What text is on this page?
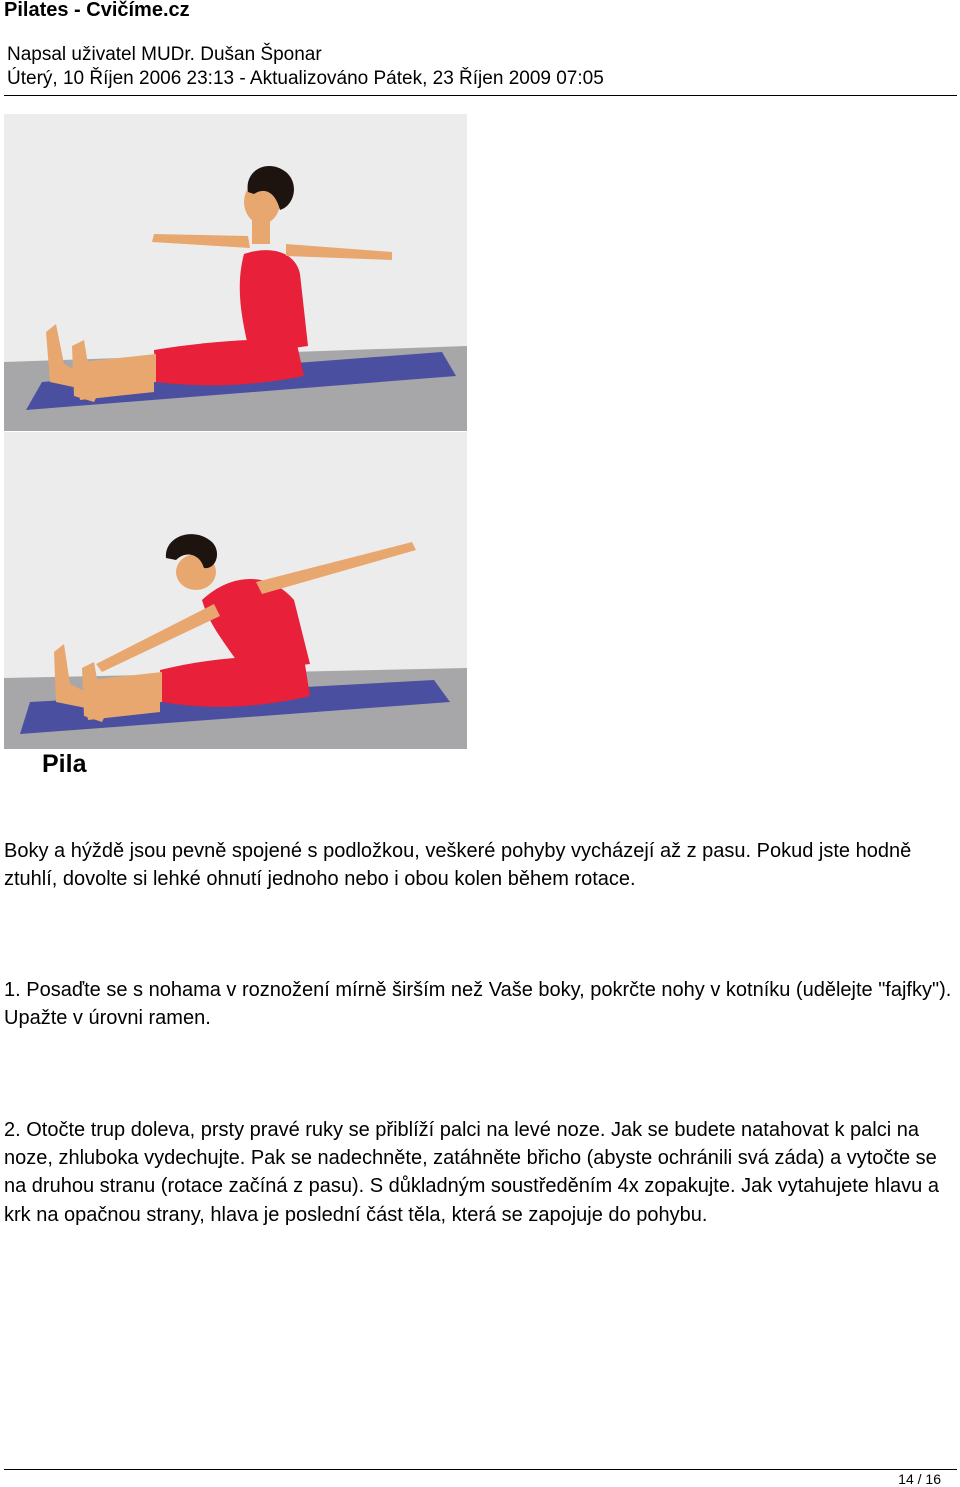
Pilates - Cvičíme.cz
Napsal uživatel MUDr. Dušan Šponar
Úterý, 10 Říjen 2006 23:13 - Aktualizováno Pátek, 23 Říjen 2009 07:05
Pila

Boky a hýždě jsou pevně spojené s podložkou, veškeré pohyby vycházejí až z pasu. Pokud jste hodně ztuhlí, dovolte si lehké ohnutí jednoho nebo i obou kolen během rotace.

1. Posaďte se s nohama v roznožení mírně širším než Vaše boky, pokrčte nohy v kotníku (udělejte "fajfky"). Upažte v úrovni ramen.

2. Otočte trup doleva, prsty pravé ruky se přiblíží palci na levé noze. Jak se budete natahovat k palci na noze, zhluboka vydechujte. Pak se nadechněte, zatáhněte břicho (abyste ochránili svá záda) a vytočte se na druhou stranu (rotace začíná z pasu). S důkladným soustředěním 4x zopakujte. Jak vytahujete hlavu a krk na opačnou strany, hlava je poslední část těla, která se zapojuje do pohybu.

14 / 16
